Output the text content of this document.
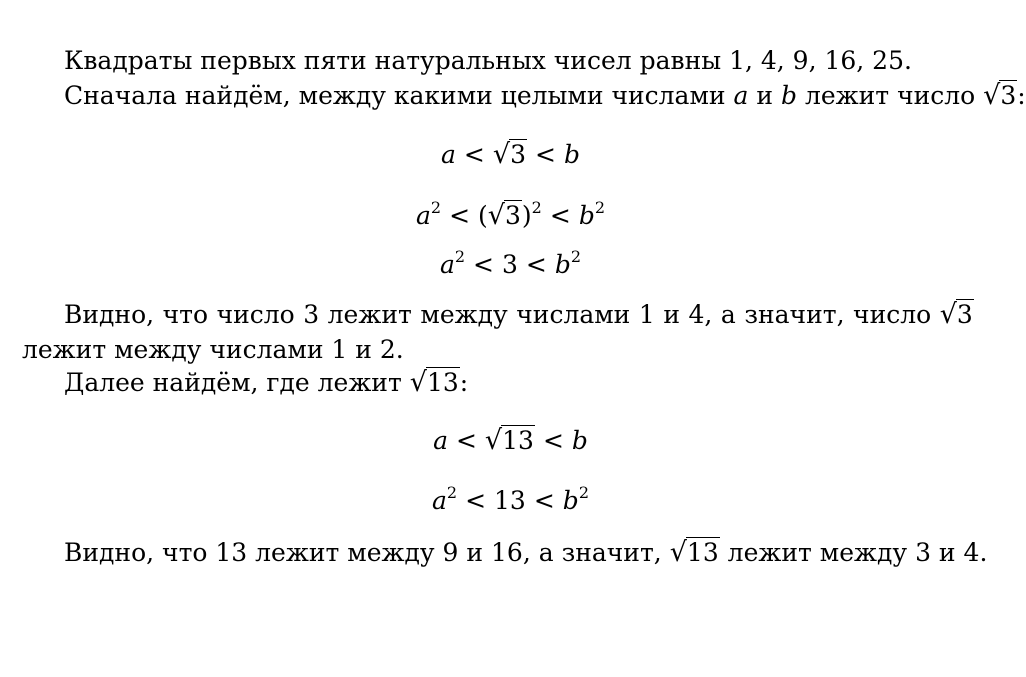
Квадраты первых пяти натуральных чисел равны 1, 4, 9, 16, 25.
Сначала найдём, между какими целыми числами a и b лежит число √3:
a < √3 < b
$a^2 < (√3)^2 < b^2$
$a^2 < 3 < b^2$
Видно, что число 3 лежит между числами 1 и 4, а значит, число √3
лежит между числами 1 и 2.
Далее найдём, где лежит √13:
a < √13 < b
$a^2 < 13 < b^2$
Видно, что 13 лежит между 9 и 16, а значит, √13 лежит между 3 и 4.
